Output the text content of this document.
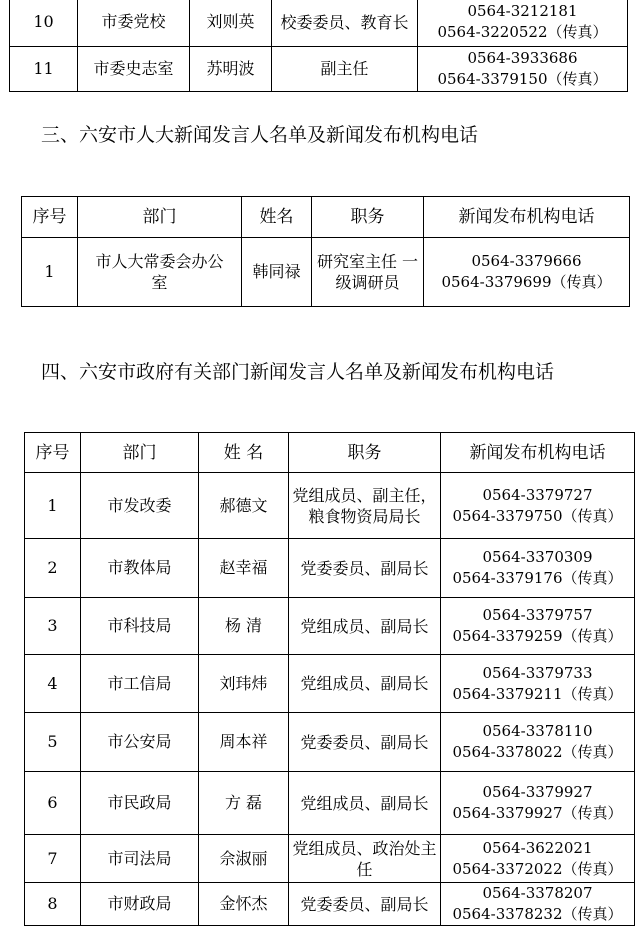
10	市委党校	刘则英	校委委员、教育长	0564-3212181
0564-3220522（传真）

11	市委史志室	苏明波	副主任	0564-3933686
0564-3379150（传真）
三、六安市人大新闻发言人名单及新闻发布机构电话
序号	部门	姓名	职务	新闻发布机构电话
1	市人大常委会办公室	韩同禄	研究室主任 一级调研员	0564-3379666
0564-3379699（传真）
四、六安市政府有关部门新闻发言人名单及新闻发布机构电话
序号	部门	姓 名	职务	新闻发布机构电话
1	市发改委	郝德文	党组成员、副主任，粮食物资局局长	0564-3379727
0564-3379750（传真）

2	市教体局	赵幸福	党委委员、副局长	0564-3370309
0564-3379176（传真）

3	市科技局	杨 清	党组成员、副局长	0564-3379757
0564-3379259（传真）

4	市工信局	刘玮炜	党组成员、副局长	0564-3379733
0564-3379211（传真）

5	市公安局	周本祥	党委委员、副局长	0564-3378110
0564-3378022（传真）

6	市民政局	方 磊	党组成员、副局长	0564-3379927
0564-3379927（传真）

7	市司法局	佘淑丽	党组成员、政治处主任	0564-3622021
0564-3372022（传真）

8	市财政局	金怀杰	党委委员、副局长	0564-3378207
0564-3378232（传真）
